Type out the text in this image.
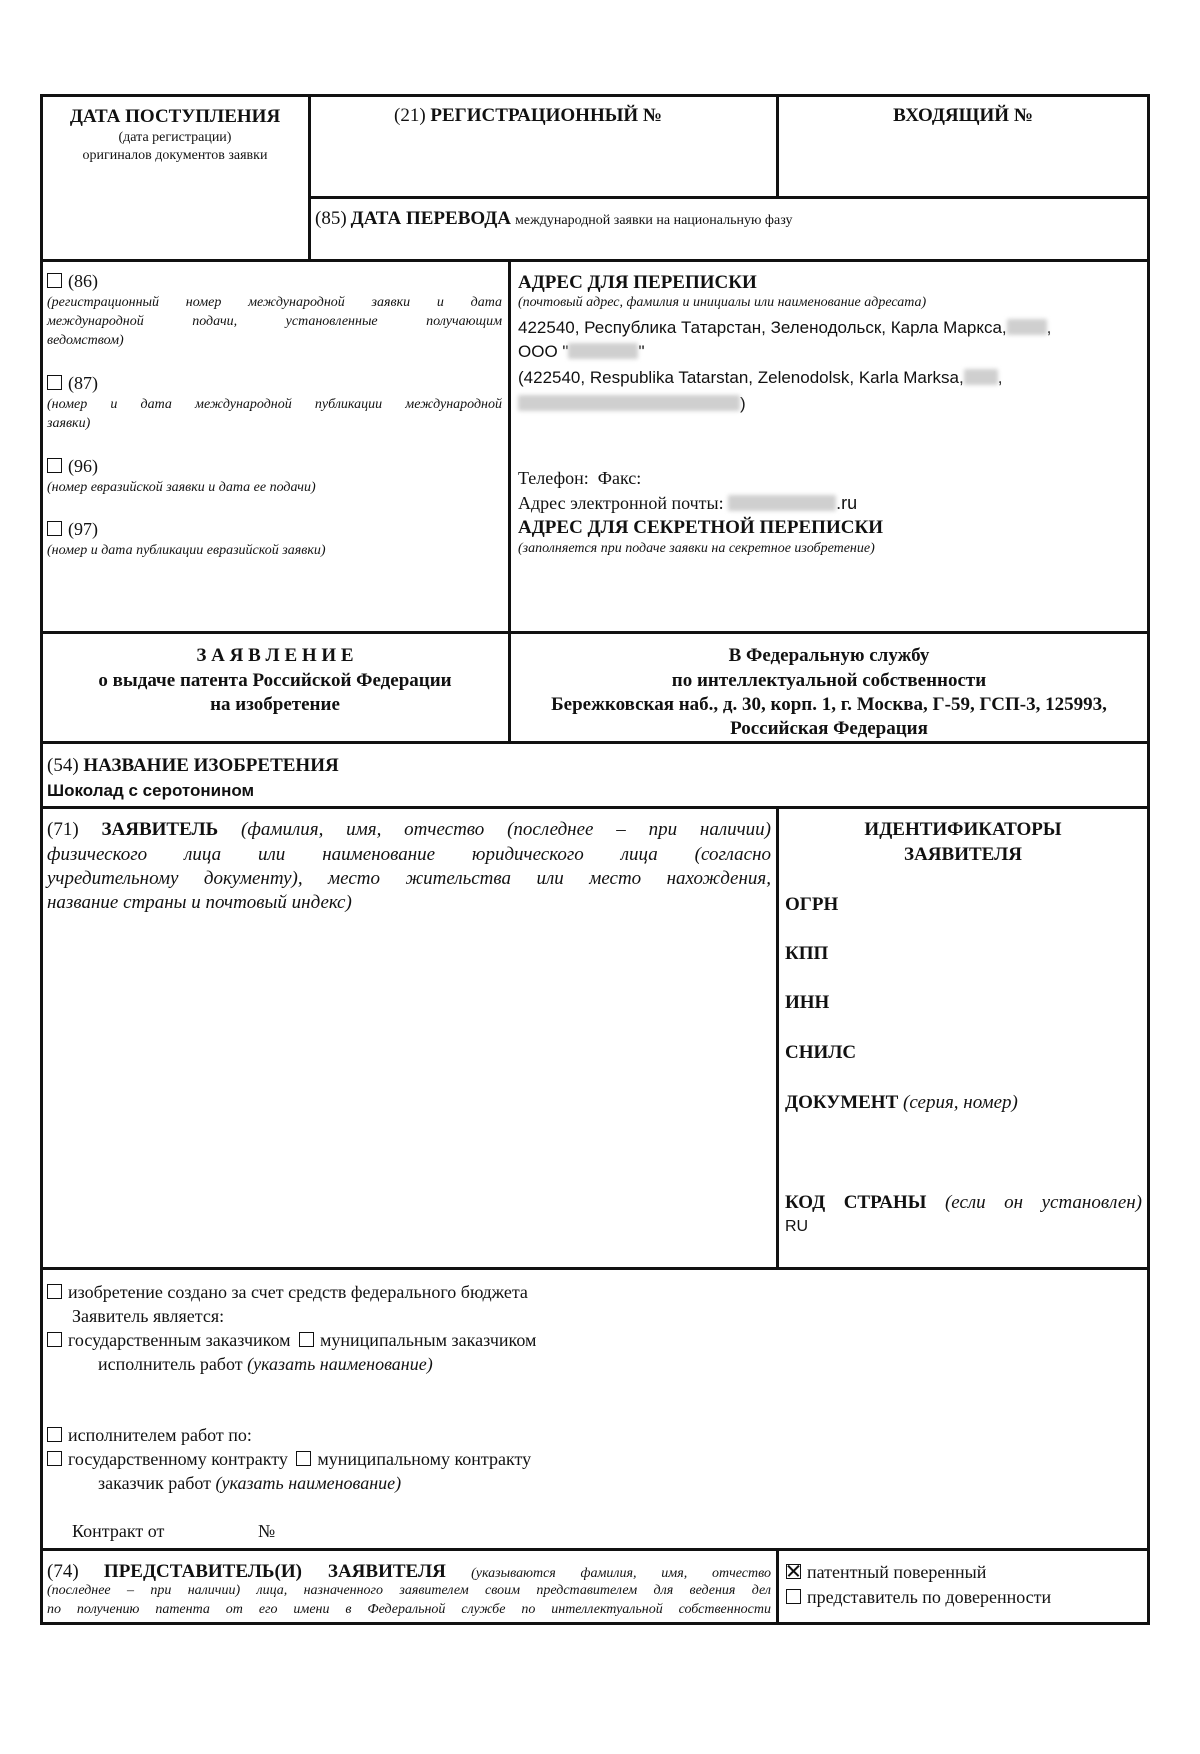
ДАТА ПОСТУПЛЕНИЯ
(дата регистрации)
оригиналов документов заявки
(21) РЕГИСТРАЦИОННЫЙ №	ВХОДЯЩИЙ №
(85) ДАТА ПЕРЕВОДА международной заявки на национальную фазу
(86)
(регистрационный номер международной заявки и дата
международной подачи, установленные получающим
ведомством)
(87)
(номер и дата международной публикации международной
заявки)
(96)
(номер евразийской заявки и дата ее подачи)
(97)
(номер и дата публикации евразийской заявки)
АДРЕС ДЛЯ ПЕРЕПИСКИ
(почтовый адрес, фамилия и инициалы или наименование адресата)
422540, Республика Татарстан, Зеленодольск, Карла Маркса, ,
ООО "	"
(422540, Respublika Tatarstan, Zelenodolsk, Karla Marksa, ,
)
Телефон: Факс:
Адрес электронной почты:	.ru
АДРЕС ДЛЯ СЕКРЕТНОЙ ПЕРЕПИСКИ
(заполняется при подаче заявки на секретное изобретение)
З А Я В Л Е Н И Е
о выдаче патента Российской Федерации
на изобретение
В Федеральную службу
по интеллектуальной собственности
Бережковская наб., д. 30, корп. 1, г. Москва, Г-59, ГСП-3, 125993,
Российская Федерация
(54) НАЗВАНИЕ ИЗОБРЕТЕНИЯ
Шоколад с серотонином
(71) ЗАЯВИТЕЛЬ (фамилия, имя, отчество (последнее – при наличии)
физического лица или наименование юридического лица (согласно
учредительному документу), место жительства или место нахождения,
название страны и почтовый индекс)
ИДЕНТИФИКАТОРЫ
ЗАЯВИТЕЛЯ
ОГРН
КПП
ИНН
СНИЛС
ДОКУМЕНТ (серия, номер)
КОД СТРАНЫ (если он установлен)
RU
изобретение создано за счет средств федерального бюджета
Заявитель является:
государственным заказчиком муниципальным заказчиком
исполнитель работ (указать наименование)
исполнителем работ по:
государственному контракту муниципальному контракту
заказчик работ (указать наименование)
Контракт от	№
(74) ПРЕДСТАВИТЕЛЬ(И) ЗАЯВИТЕЛЯ (указываются фамилия, имя, отчество
(последнее – при наличии) лица, назначенного заявителем своим представителем для ведения дел
по получению патента от его имени в Федеральной службе по интеллектуальной собственности
патентный поверенный
представитель по доверенности
